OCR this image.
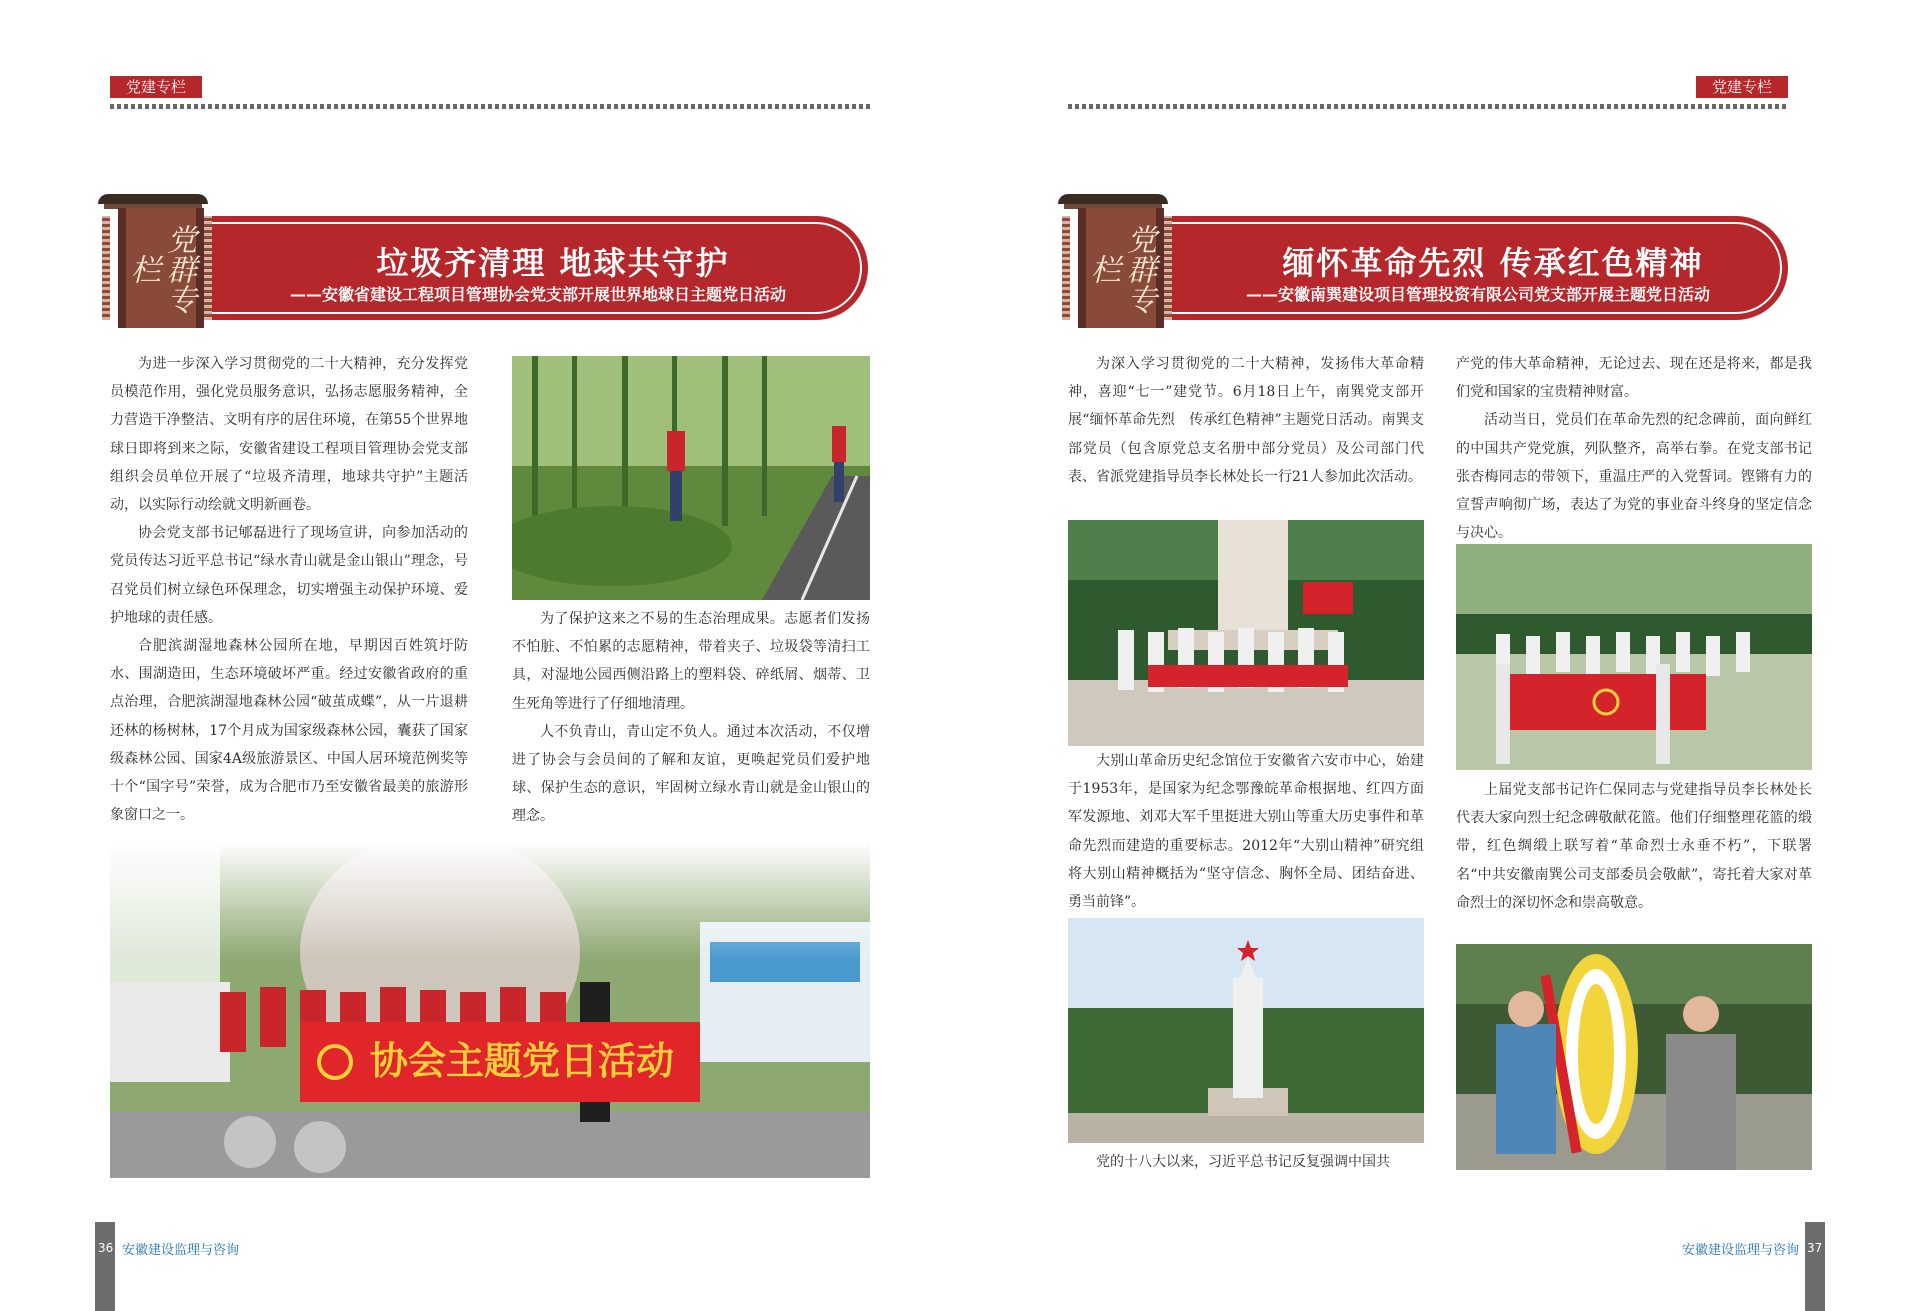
党建专栏
党群专栏	垃圾齐清理 地球共守护
——安徽省建设工程项目管理协会党支部开展世界地球日主题党日活动

为进一步深入学习贯彻党的二十大精神，充分发挥党员模范作用，强化党员服务意识，弘扬志愿服务精神，全力营造干净整洁、文明有序的居住环境，在第55个世界地球日即将到来之际，安徽省建设工程项目管理协会党支部组织会员单位开展了“垃圾齐清理，地球共守护”主题活动，以实际行动绘就文明新画卷。

协会党支部书记郇磊进行了现场宣讲，向参加活动的党员传达习近平总书记“绿水青山就是金山银山”理念，号召党员们树立绿色环保理念，切实增强主动保护环境、爱护地球的责任感。

合肥滨湖湿地森林公园所在地，早期因百姓筑圩防水、围湖造田，生态环境破坏严重。经过安徽省政府的重点治理，合肥滨湖湿地森林公园“破茧成蝶”，从一片退耕还林的杨树林，17个月成为国家级森林公园，囊获了国家级森林公园、国家4A级旅游景区、中国人居环境范例奖等十个“国字号”荣誉，成为合肥市乃至安徽省最美的旅游形象窗口之一。

为了保护这来之不易的生态治理成果。志愿者们发扬不怕脏、不怕累的志愿精神，带着夹子、垃圾袋等清扫工具，对湿地公园西侧沿路上的塑料袋、碎纸屑、烟蒂、卫生死角等进行了仔细地清理。

人不负青山，青山定不负人。通过本次活动，不仅增进了协会与会员间的了解和友谊，更唤起党员们爱护地球、保护生态的意识，牢固树立绿水青山就是金山银山的理念。

协会主题党日活动
36 安徽建设监理与咨询
党建专栏
党群专栏	缅怀革命先烈 传承红色精神
——安徽南巽建设项目管理投资有限公司党支部开展主题党日活动

为深入学习贯彻党的二十大精神，发扬伟大革命精神，喜迎“七一”建党节。6月18日上午，南巽党支部开展“缅怀革命先烈　传承红色精神”主题党日活动。南巽支部党员（包含原党总支名册中部分党员）及公司部门代表、省派党建指导员李长林处长一行21人参加此次活动。

大别山革命历史纪念馆位于安徽省六安市中心，始建于1953年，是国家为纪念鄂豫皖革命根据地、红四方面军发源地、刘邓大军千里挺进大别山等重大历史事件和革命先烈而建造的重要标志。2012年“大别山精神”研究组将大别山精神概括为“坚守信念、胸怀全局、团结奋进、勇当前锋”。

党的十八大以来，习近平总书记反复强调中国共

产党的伟大革命精神，无论过去、现在还是将来，都是我们党和国家的宝贵精神财富。

活动当日，党员们在革命先烈的纪念碑前，面向鲜红的中国共产党党旗，列队整齐，高举右拳。在党支部书记张杏梅同志的带领下，重温庄严的入党誓词。铿锵有力的宣誓声响彻广场，表达了为党的事业奋斗终身的坚定信念与决心。

上届党支部书记许仁保同志与党建指导员李长林处长代表大家向烈士纪念碑敬献花篮。他们仔细整理花篮的缎带，红色绸缎上联写着“革命烈士永垂不朽”，下联署名“中共安徽南巽公司支部委员会敬献”，寄托着大家对革命烈士的深切怀念和崇高敬意。

安徽建设监理与咨询 37
